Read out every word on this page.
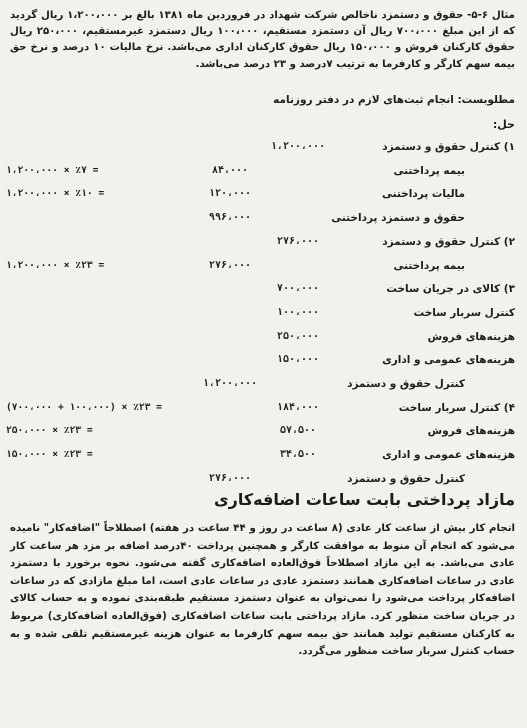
مثال ۶-۵- حقوق و دستمزد ناخالص شرکت شهداد در فروردین ماه ۱۳۸۱ بالغ بر ۱،۲۰۰،۰۰۰ ریال گردید که از این مبلغ ۷۰۰،۰۰۰ ریال آن دستمزد مستقیم، ۱۰۰،۰۰۰ ریال دستمزد غیرمستقیم، ۲۵۰،۰۰۰ ریال حقوق کارکنان فروش و ۱۵۰،۰۰۰ ریال حقوق کارکنان اداری می‌باشد. نرخ مالیات ۱۰ درصد و نرخ حق بیمه سهم کارگر و کارفرما به ترتیب ۷درصد و ۲۳ درصد می‌باشد.
مطلوبست: انجام ثبت‌های لازم در دفتر روزنامه
حل:
۱) کنترل حقوق و دستمزد
۱،۲۰۰،۰۰۰
بیمه پرداختنی
۸۴،۰۰۰
۱،۲۰۰،۰۰۰ × ٪۷ =
مالیات پرداختنی
۱۲۰،۰۰۰
۱،۲۰۰،۰۰۰ × ٪۱۰ =
حقوق و دستمزد پرداختنی
۹۹۶،۰۰۰
۲) کنترل حقوق و دستمزد
۲۷۶،۰۰۰
بیمه پرداختنی
۲۷۶،۰۰۰
۱،۲۰۰،۰۰۰ × ٪۲۳ =
۳) کالای در جریان ساخت
۷۰۰،۰۰۰
کنترل سربار ساخت
۱۰۰،۰۰۰
هزینه‌های فروش
۲۵۰،۰۰۰
هزینه‌های عمومی و اداری
۱۵۰،۰۰۰
کنترل حقوق و دستمزد
۱،۲۰۰،۰۰۰
۴) کنترل سربار ساخت
۱۸۴،۰۰۰
(۷۰۰،۰۰۰ + ۱۰۰،۰۰۰) × ٪۲۳ =
هزینه‌های فروش
۵۷،۵۰۰
۲۵۰،۰۰۰ × ٪۲۳ =
هزینه‌های عمومی و اداری
۳۴،۵۰۰
۱۵۰،۰۰۰ × ٪۲۳ =
کنترل حقوق و دستمزد
۲۷۶،۰۰۰
مازاد پرداختی بابت ساعات اضافه‌کاری
انجام کار بیش از ساعت کار عادی (۸ ساعت در روز و ۴۴ ساعت در هفته) اصطلاحاً "اضافه‌کار" نامیده می‌شود که انجام آن منوط به موافقت کارگر و همچنین پرداخت ۴۰درصد اضافه بر مزد هر ساعت کار عادی می‌باشد. به این مازاد اصطلاحاً فوق‌العاده اضافه‌کاری گفته می‌شود. نحوه برخورد با دستمزد عادی در ساعات اضافه‌کاری همانند دستمزد عادی در ساعات عادی است، اما مبلغ مازادی که در ساعات اضافه‌کار پرداخت می‌شود را نمی‌توان به عنوان دستمزد مستقیم طبقه‌بندی نموده و به حساب کالای در جریان ساخت منظور کرد. مازاد پرداختی بابت ساعات اضافه‌کاری (فوق‌العاده اضافه‌کاری) مربوط به کارکنان مستقیم تولید همانند حق بیمه سهم کارفرما به عنوان هزینه غیرمستقیم تلقی شده و به حساب کنترل سربار ساخت منظور می‌گردد.
